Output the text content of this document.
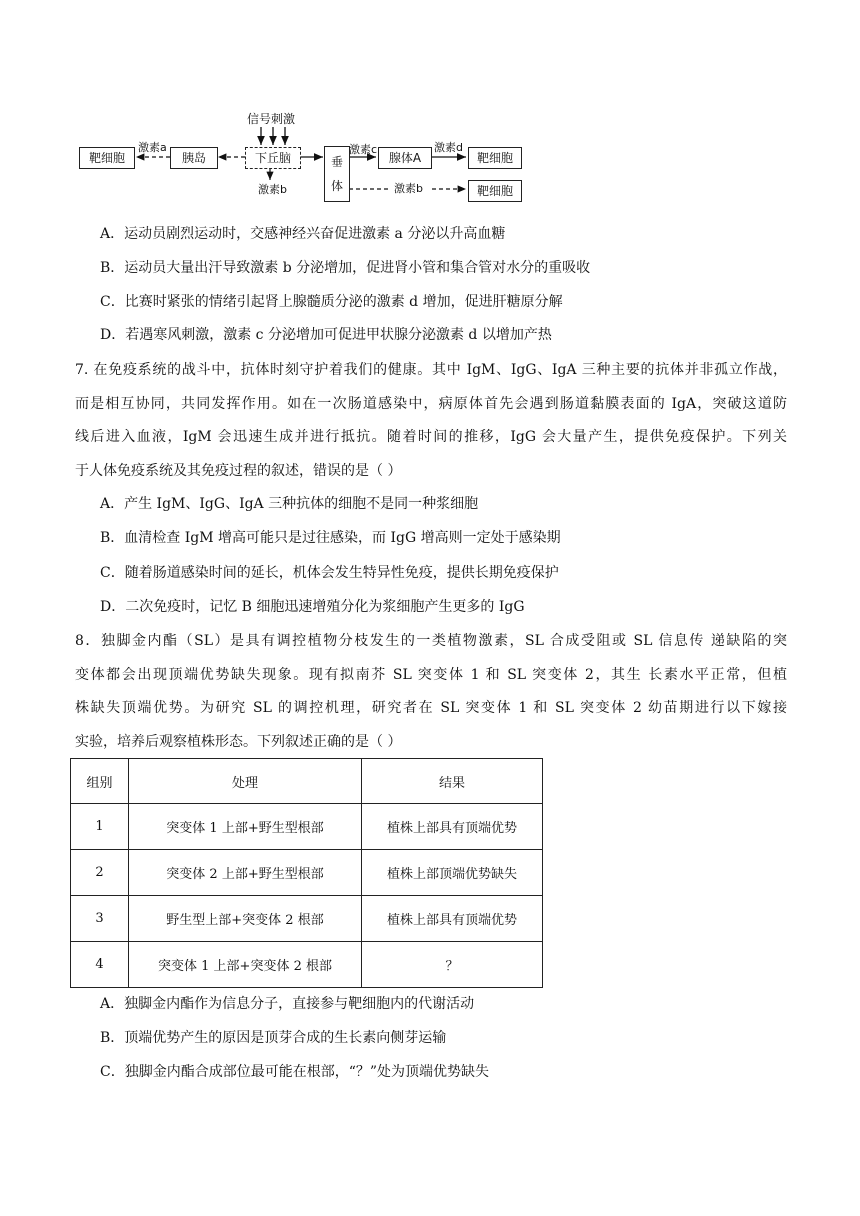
信号刺激
靶细胞
激素a
胰岛	下丘脑	垂
体
激素c
腺体A
激素d
靶细胞
激素b	激素b	靶细胞
A．运动员剧烈运动时，交感神经兴奋促进激素 a 分泌以升高血糖
B．运动员大量出汗导致激素 b 分泌增加，促进肾小管和集合管对水分的重吸收
C．比赛时紧张的情绪引起肾上腺髓质分泌的激素 d 增加，促进肝糖原分解
D．若遇寒风刺激，激素 c 分泌增加可促进甲状腺分泌激素 d 以增加产热
7. 在免疫系统的战斗中，抗体时刻守护着我们的健康。其中 IgM、IgG、IgA 三种主要的抗体并非孤立作战，
而是相互协同，共同发挥作用。如在一次肠道感染中，病原体首先会遇到肠道黏膜表面的 IgA，突破这道防
线后进入血液，IgM 会迅速生成并进行抵抗。随着时间的推移，IgG 会大量产生，提供免疫保护。下列关
于人体免疫系统及其免疫过程的叙述，错误的是（ ）
A．产生 IgM、IgG、IgA 三种抗体的细胞不是同一种浆细胞
B．血清检查 IgM 增高可能只是过往感染，而 IgG 增高则一定处于感染期
C．随着肠道感染时间的延长，机体会发生特异性免疫，提供长期免疫保护
D．二次免疫时，记忆 B 细胞迅速增殖分化为浆细胞产生更多的 IgG
8．独脚金内酯（SL）是具有调控植物分枝发生的一类植物激素，SL 合成受阻或 SL 信息传 递缺陷的突
变体都会出现顶端优势缺失现象。现有拟南芥 SL 突变体 1 和 SL 突变体 2，其生 长素水平正常，但植
株缺失顶端优势。为研究 SL 的调控机理，研究者在 SL 突变体 1 和 SL 突变体 2 幼苗期进行以下嫁接
实验，培养后观察植株形态。下列叙述正确的是（ ）
组别	处理	结果
1	突变体 1 上部+野生型根部	植株上部具有顶端优势
2	突变体 2 上部+野生型根部	植株上部顶端优势缺失
3	野生型上部+突变体 2 根部	植株上部具有顶端优势
4	突变体 1 上部+突变体 2 根部	？
A．独脚金内酯作为信息分子，直接参与靶细胞内的代谢活动
B．顶端优势产生的原因是顶芽合成的生长素向侧芽运输
C．独脚金内酯合成部位最可能在根部，“？”处为顶端优势缺失
